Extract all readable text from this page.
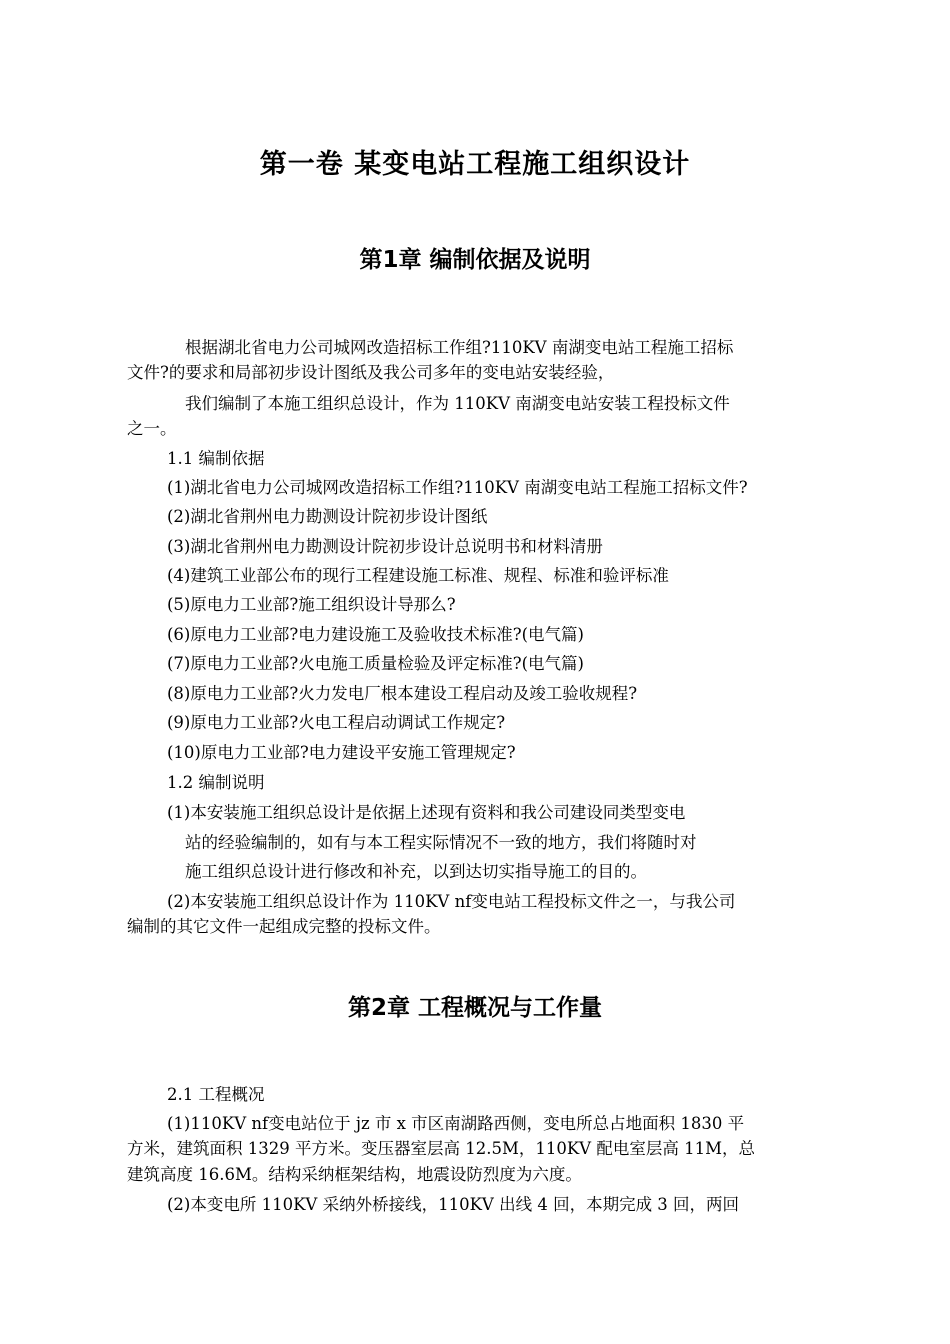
第一卷 某变电站工程施工组织设计
第1章 编制依据及说明
根据湖北省电力公司城网改造招标工作组?110KV 南湖变电站工程施工招标
文件?的要求和局部初步设计图纸及我公司多年的变电站安装经验，
我们编制了本施工组织总设计，作为 110KV 南湖变电站安装工程投标文件
之一。
1.1 编制依据
(1)湖北省电力公司城网改造招标工作组?110KV 南湖变电站工程施工招标文件?
(2)湖北省荆州电力勘测设计院初步设计图纸
(3)湖北省荆州电力勘测设计院初步设计总说明书和材料清册
(4)建筑工业部公布的现行工程建设施工标准、规程、标准和验评标准
(5)原电力工业部?施工组织设计导那么?
(6)原电力工业部?电力建设施工及验收技术标准?(电气篇)
(7)原电力工业部?火电施工质量检验及评定标准?(电气篇)
(8)原电力工业部?火力发电厂根本建设工程启动及竣工验收规程?
(9)原电力工业部?火电工程启动调试工作规定?
(10)原电力工业部?电力建设平安施工管理规定?
1.2 编制说明
(1)本安装施工组织总设计是依据上述现有资料和我公司建设同类型变电
站的经验编制的，如有与本工程实际情况不一致的地方，我们将随时对
施工组织总设计进行修改和补充，以到达切实指导施工的目的。
(2)本安装施工组织总设计作为 110KV nf变电站工程投标文件之一，与我公司
编制的其它文件一起组成完整的投标文件。
第2章 工程概况与工作量
2.1 工程概况
(1)110KV nf变电站位于 jz 市 x 市区南湖路西侧，变电所总占地面积 1830 平
方米，建筑面积 1329 平方米。变压器室层高 12.5M，110KV 配电室层高 11M，总
建筑高度 16.6M。结构采纳框架结构，地震设防烈度为六度。
(2)本变电所 110KV 采纳外桥接线，110KV 出线 4 回，本期完成 3 回，两回
